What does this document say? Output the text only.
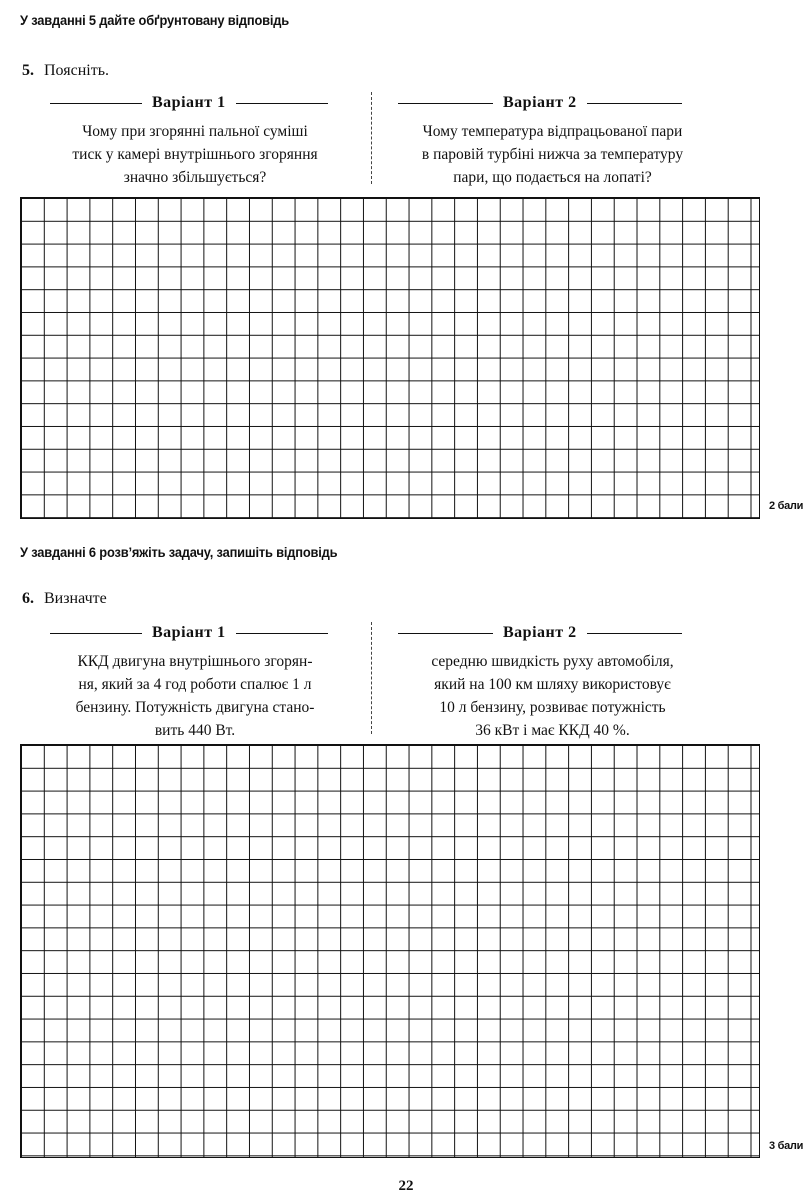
У завданні 5 дайте обґрунтовану відповідь
5. Поясніть.
Варіант 1
Чому при згорянні пальної суміші
тиск у камері внутрішнього згоряння
значно збільшується?
Варіант 2
Чому температура відпрацьованої пари
в паровій турбіні нижча за температуру
пари, що подається на лопаті?
2 бали
У завданні 6 розв’яжіть задачу, запишіть відповідь
6. Визначте
Варіант 1
ККД двигуна внутрішнього згорян-
ня, який за 4 год роботи спалює 1 л
бензину. Потужність двигуна стано-
вить 440 Вт.
Варіант 2
середню швидкість руху автомобіля,
який на 100 км шляху використовує
10 л бензину, розвиває потужність
36 кВт і має ККД 40 %.
3 бали
22
